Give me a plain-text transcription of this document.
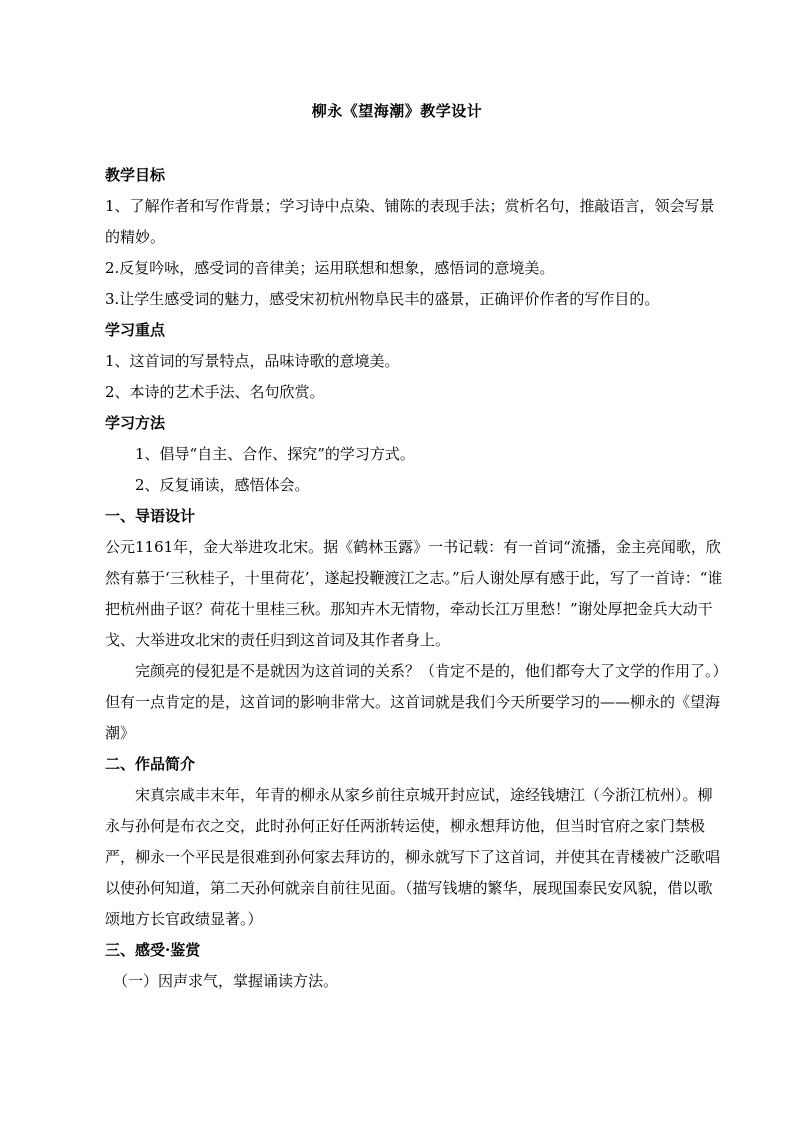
柳永《望海潮》教学设计

教学目标

1、了解作者和写作背景；学习诗中点染、铺陈的表现手法；赏析名句，推敲语言，领会写景的精妙。

2.反复吟咏，感受词的音律美；运用联想和想象，感悟词的意境美。

3.让学生感受词的魅力，感受宋初杭州物阜民丰的盛景，正确评价作者的写作目的。

学习重点

1、这首词的写景特点，品味诗歌的意境美。

2、本诗的艺术手法、名句欣赏。

学习方法

1、倡导“自主、合作、探究”的学习方式。

2、反复诵读，感悟体会。

一、导语设计

公元1161年，金大举进攻北宋。据《鹤林玉露》一书记载：有一首词“流播，金主亮闻歌，欣然有慕于‘三秋桂子，十里荷花’，遂起投鞭渡江之志。”后人谢处厚有感于此，写了一首诗：“谁把杭州曲子讴？荷花十里桂三秋。那知卉木无情物，牵动长江万里愁！”谢处厚把金兵大动干戈、大举进攻北宋的责任归到这首词及其作者身上。

完颜亮的侵犯是不是就因为这首词的关系？（肯定不是的，他们都夸大了文学的作用了。）但有一点肯定的是，这首词的影响非常大。这首词就是我们今天所要学习的——柳永的《望海潮》

二、作品简介

宋真宗咸丰末年，年青的柳永从家乡前往京城开封应试，途经钱塘江（今浙江杭州）。柳永与孙何是布衣之交，此时孙何正好任两浙转运使，柳永想拜访他，但当时官府之家门禁极严，柳永一个平民是很难到孙何家去拜访的，柳永就写下了这首词，并使其在青楼被广泛歌唱以使孙何知道，第二天孙何就亲自前往见面。（描写钱塘的繁华，展现国泰民安风貌，借以歌颂地方长官政绩显著。）

三、感受·鉴赏

（一）因声求气，掌握诵读方法。
